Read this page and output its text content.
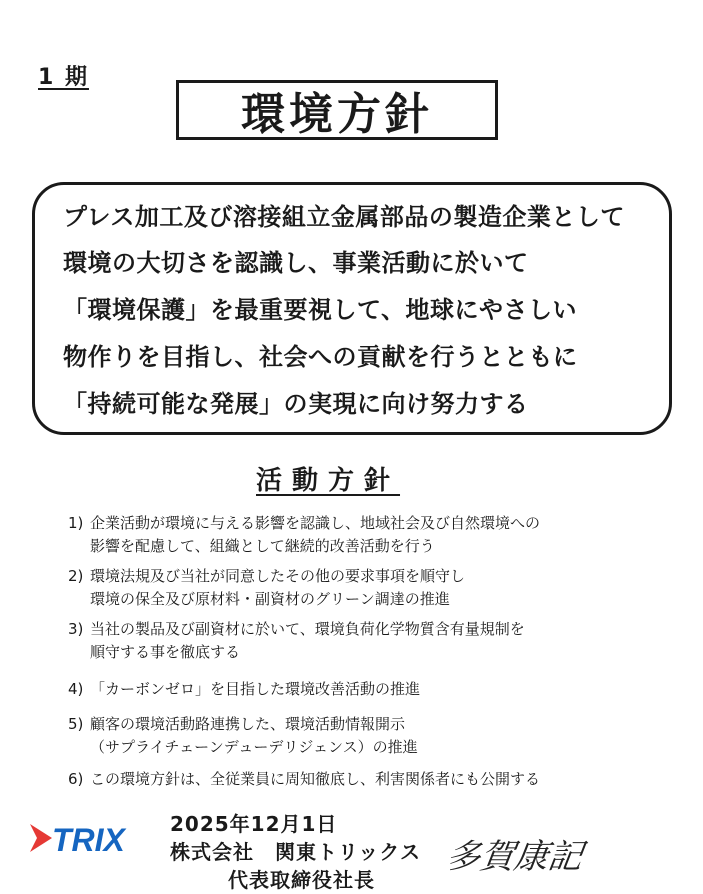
1 期
環境方針
プレス加工及び溶接組立金属部品の製造企業として
環境の大切さを認識し、事業活動に於いて
「環境保護」を最重要視して、地球にやさしい
物作りを目指し、社会への貢献を行うとともに
「持続可能な発展」の実現に向け努力する
活動方針
1) 企業活動が環境に与える影響を認識し、地域社会及び自然環境への
影響を配慮して、組織として継続的改善活動を行う
2) 環境法規及び当社が同意したその他の要求事項を順守し
環境の保全及び原材料・副資材のグリーン調達の推進
3) 当社の製品及び副資材に於いて、環境負荷化学物質含有量規制を
順守する事を徹底する
4) 「カーボンゼロ」を目指した環境改善活動の推進
5) 顧客の環境活動路連携した、環境活動情報開示
（サプライチェーンデューデリジェンス）の推進
6) この環境方針は、全従業員に周知徹底し、利害関係者にも公開する
TRIX 2025年12月1日
株式会社　関東トリックス
代表取締役社長
多賀康記
